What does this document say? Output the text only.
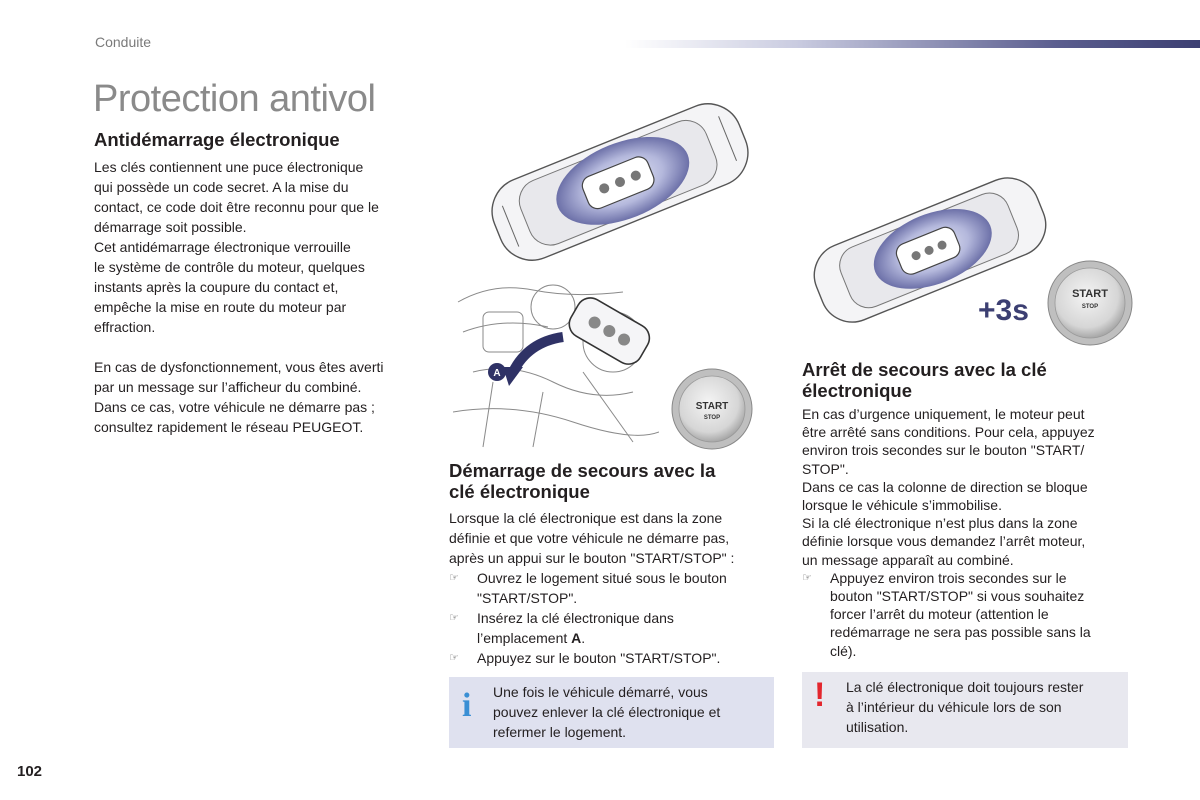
Conduite
Protection antivol
Antidémarrage électronique

Les clés contiennent une puce électronique

qui possède un code secret. A la mise du

contact, ce code doit être reconnu pour que le

démarrage soit possible.

Cet antidémarrage électronique verrouille

le système de contrôle du moteur, quelques

instants après la coupure du contact et,

empêche la mise en route du moteur par

effraction.

En cas de dysfonctionnement, vous êtes averti

par un message sur l’afficheur du combiné.

Dans ce cas, votre véhicule ne démarre pas ;

consultez rapidement le réseau PEUGEOT.

+3s	START
STOP
A
START
STOP
Démarrage de secours avec la
clé électronique

Lorsque la clé électronique est dans la zone

définie et que votre véhicule ne démarre pas,

après un appui sur le bouton "START/STOP" :

☞ Ouvrez le logement situé sous le bouton
"START/STOP".
☞ Insérez la clé électronique dans
l’emplacement A.
☞ Appuyez sur le bouton "START/STOP".
i Une fois le véhicule démarré, vous

pouvez enlever la clé électronique et

refermer le logement.

Arrêt de secours avec la clé
électronique

En cas d’urgence uniquement, le moteur peut

être arrêté sans conditions. Pour cela, appuyez

environ trois secondes sur le bouton "START/

STOP".

Dans ce cas la colonne de direction se bloque

lorsque le véhicule s’immobilise.

Si la clé électronique n’est plus dans la zone

définie lorsque vous demandez l’arrêt moteur,

un message apparaît au combiné.

☞ Appuyez environ trois secondes sur le
bouton "START/STOP" si vous souhaitez
forcer l’arrêt du moteur (attention le
redémarrage ne sera pas possible sans la
clé).
! La clé électronique doit toujours rester

à l’intérieur du véhicule lors de son

utilisation.

102
